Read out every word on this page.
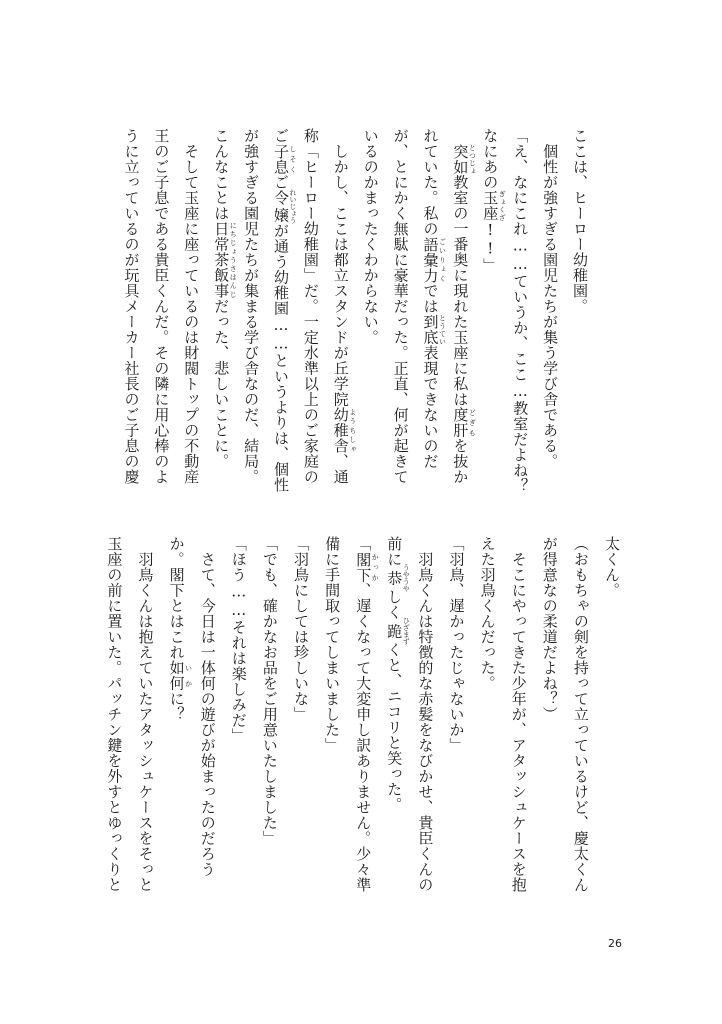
ここは、ヒーロー幼稚園。
　個性が強すぎる園児たちが集う学び舎である。
「え、なにこれ……ていうか、ここ…教室だよね？
なにあの玉座 ぎょくざ!!」
　突如 とつじょ教室の一番奥に現れた玉座に私は度肝 どぎもを抜か
れていた。私の語彙力 ごいりょくでは到底 とうてい表現できないのだ
が、とにかく無駄に豪華だった。正直、何が起きて
いるのかまったくわからない。
　しかし、ここは都立スタンドが丘学院幼稚舎 ようちしゃ、通
称「ヒーロー幼稚園」だ。一定水準以上のご家庭の
ご子息 しそくご令嬢 れいじょうが通う幼稚園……というよりは、個性
が強すぎる園児たちが集まる学び舎なのだ、結局。
こんなことは日常茶飯事 にちじょうさはんじだった、悲しいことに。
　そして玉座に座っているのは財閥トップの不動産
王のご子息である貴臣くんだ。その隣に用心棒のよ
うに立っているのが玩具メーカー社長のご子息の慶
太くん。
（おもちゃの剣を持って立っているけど、慶太くん
が得意なの柔道だよね？）
　そこにやってきた少年が、アタッシュケースを抱
えた羽鳥くんだった。
「羽鳥、遅かったじゃないか」
　羽鳥くんは特徴的な赤髪をなびかせ、貴臣くんの
前に恭 うやうやしく跪 ひざまずくと、ニコリと笑った。
「閣下 かっか、遅くなって大変申し訳ありません。少々準
備に手間取ってしまいました」
「羽鳥にしては珍しいな」
「でも、確かなお品をご用意いたしました」
「ほう……それは楽しみだ」
　さて、今日は一体何の遊びが始まったのだろう
か。閣下とはこれ如何 いかに？
　羽鳥くんは抱えていたアタッシュケースをそっと
玉座の前に置いた。パッチン鍵を外すとゆっくりと
26
